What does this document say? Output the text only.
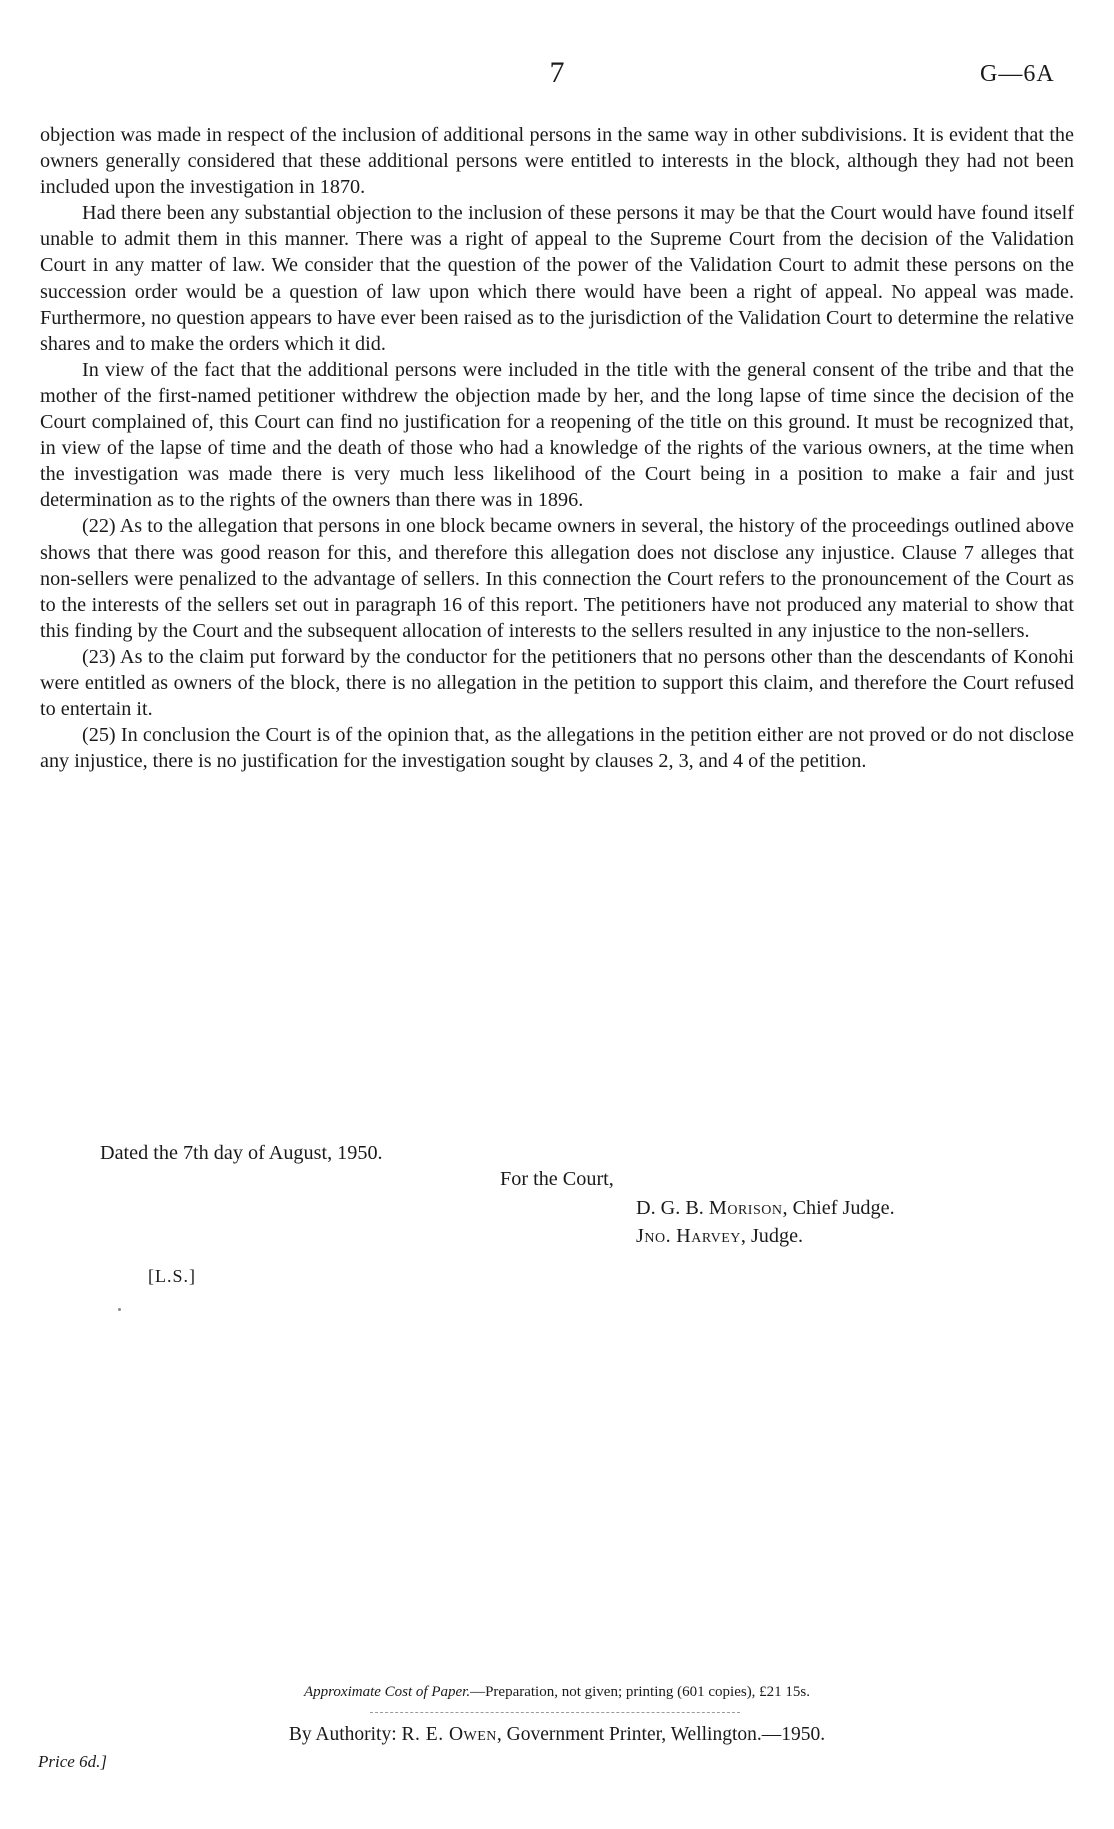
7	G—6A

objection was made in respect of the inclusion of additional persons in the same way in other subdivisions. It is evident that the owners generally considered that these additional persons were entitled to interests in the block, although they had not been included upon the investigation in 1870.

Had there been any substantial objection to the inclusion of these persons it may be that the Court would have found itself unable to admit them in this manner. There was a right of appeal to the Supreme Court from the decision of the Validation Court in any matter of law. We consider that the question of the power of the Validation Court to admit these persons on the succession order would be a question of law upon which there would have been a right of appeal. No appeal was made. Furthermore, no question appears to have ever been raised as to the jurisdiction of the Validation Court to determine the relative shares and to make the orders which it did.

In view of the fact that the additional persons were included in the title with the general consent of the tribe and that the mother of the first-named petitioner withdrew the objection made by her, and the long lapse of time since the decision of the Court complained of, this Court can find no justification for a reopening of the title on this ground. It must be recognized that, in view of the lapse of time and the death of those who had a knowledge of the rights of the various owners, at the time when the investigation was made there is very much less likelihood of the Court being in a position to make a fair and just determination as to the rights of the owners than there was in 1896.

(22) As to the allegation that persons in one block became owners in several, the history of the proceedings outlined above shows that there was good reason for this, and therefore this allegation does not disclose any injustice. Clause 7 alleges that non-sellers were penalized to the advantage of sellers. In this connection the Court refers to the pronouncement of the Court as to the interests of the sellers set out in paragraph 16 of this report. The petitioners have not produced any material to show that this finding by the Court and the subsequent allocation of interests to the sellers resulted in any injustice to the non-sellers.

(23) As to the claim put forward by the conductor for the petitioners that no persons other than the descendants of Konohi were entitled as owners of the block, there is no allegation in the petition to support this claim, and therefore the Court refused to entertain it.

(25) In conclusion the Court is of the opinion that, as the allegations in the petition either are not proved or do not disclose any injustice, there is no justification for the investigation sought by clauses 2, 3, and 4 of the petition.

Dated the 7th day of August, 1950.
For the Court,
D. G. B. Morison, Chief Judge.
Jno. Harvey, Judge.
[L.S.]
Approximate Cost of Paper.—Preparation, not given; printing (601 copies), £21 15s.
By Authority: R. E. Owen, Government Printer, Wellington.—1950.
Price 6d.]
